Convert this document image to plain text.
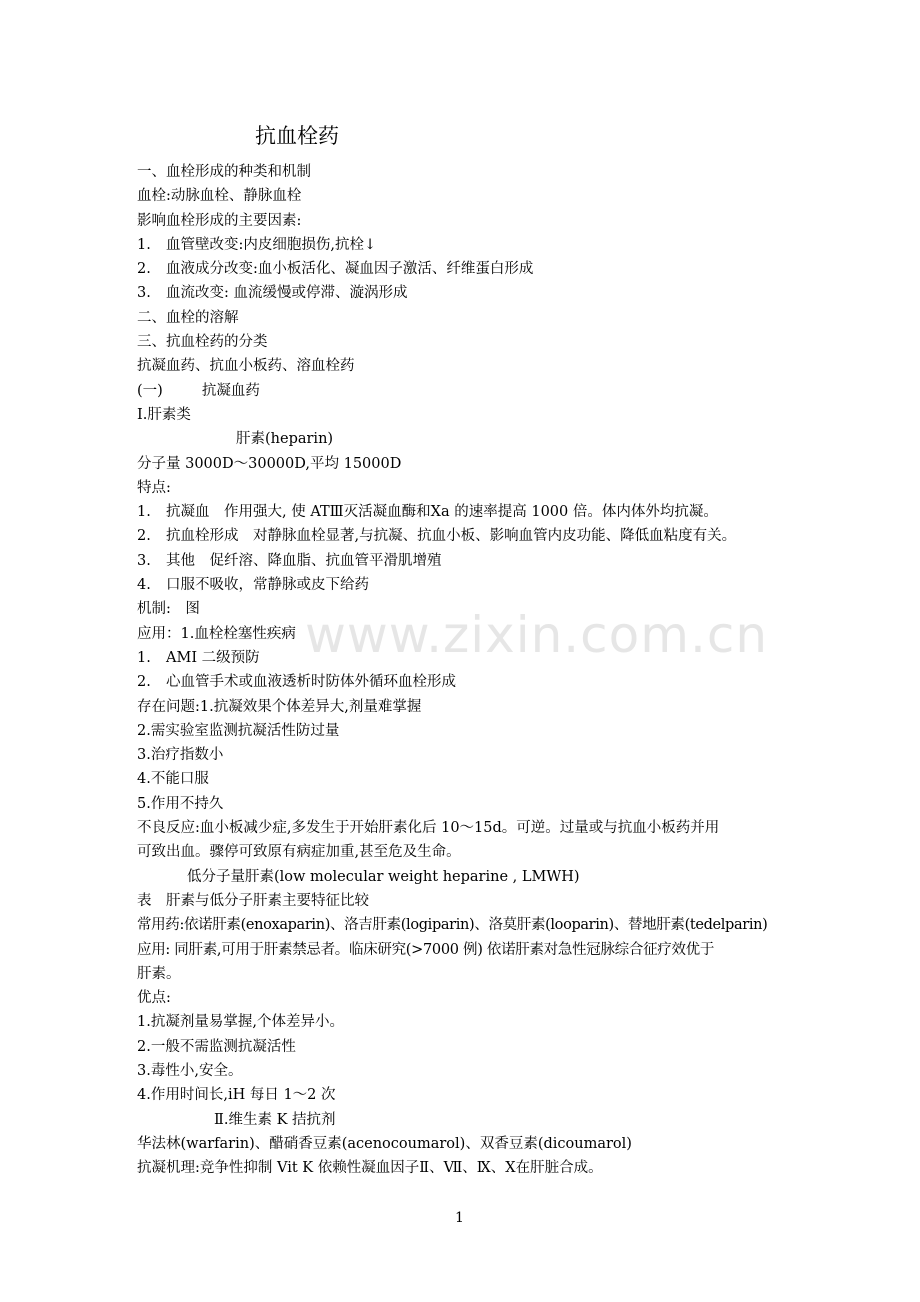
www.zixin.com.cn
抗血栓药
一、血栓形成的种类和机制
血栓:动脉血栓、静脉血栓
影响血栓形成的主要因素:
1. 血管壁改变:内皮细胞损伤,抗栓↓
2. 血液成分改变:血小板活化、凝血因子激活、纤维蛋白形成
3. 血流改变: 血流缓慢或停滞、漩涡形成
二、血栓的溶解
三、抗血栓药的分类
抗凝血药、抗血小板药、溶血栓药
(一)	抗凝血药
Ⅰ.肝素类
肝素(heparin)
分子量 3000D～30000D,平均 15000D
特点:
1. 抗凝血　作用强大, 使 ATⅢ灭活凝血酶和Ⅹa 的速率提高 1000 倍。体内体外均抗凝。
2. 抗血栓形成　对静脉血栓显著,与抗凝、抗血小板、影响血管内皮功能、降低血粘度有关。
3. 其他　促纤溶、降血脂、抗血管平滑肌增殖
4. 口服不吸收，常静脉或皮下给药
机制:　图
应用：1.血栓栓塞性疾病
1. AMI 二级预防
2. 心血管手术或血液透析时防体外循环血栓形成
存在问题:1.抗凝效果个体差异大,剂量难掌握
2.需实验室监测抗凝活性防过量
3.治疗指数小
4.不能口服
5.作用不持久
不良反应:血小板减少症,多发生于开始肝素化后 10～15d。可逆。过量或与抗血小板药并用
可致出血。骤停可致原有病症加重,甚至危及生命。
低分子量肝素(low molecular weight heparine , LMWH)
表　肝素与低分子肝素主要特征比较
常用药:依诺肝素(enoxaparin)、洛吉肝素(logiparin)、洛莫肝素(looparin)、替地肝素(tedelparin)
应用: 同肝素,可用于肝素禁忌者。临床研究(>7000 例) 依诺肝素对急性冠脉综合征疗效优于
肝素。
优点:
1.抗凝剂量易掌握,个体差异小。
2.一般不需监测抗凝活性
3.毒性小,安全。
4.作用时间长,iH 每日 1～2 次
Ⅱ.维生素 K 拮抗剂
华法林(warfarin)、醋硝香豆素(acenocoumarol)、双香豆素(dicoumarol)
抗凝机理:竞争性抑制 Vit K 依赖性凝血因子Ⅱ、Ⅶ、Ⅸ、Ⅹ在肝脏合成。
1
